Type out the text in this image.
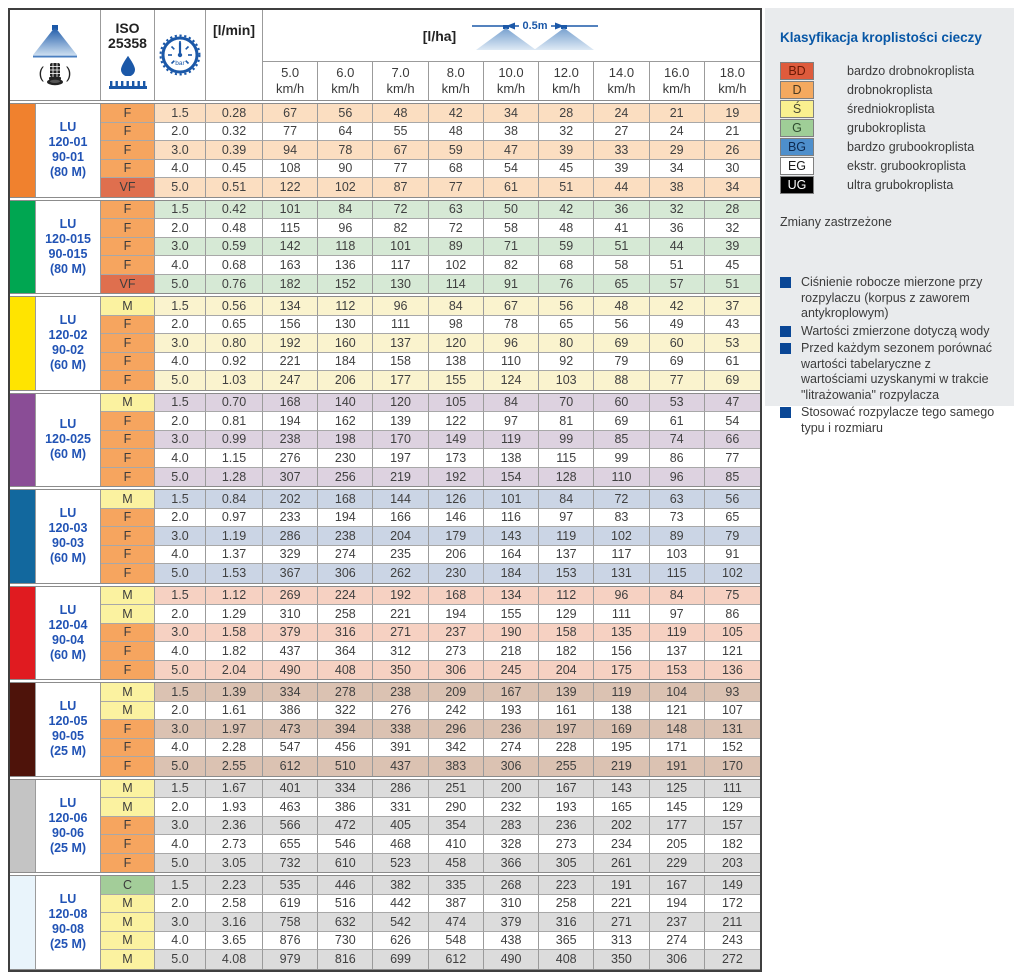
( )
ISO
25358
bar
[l/min]	[l/ha]
0.5m
5.0
km/h
6.0
km/h
7.0
km/h
8.0
km/h
10.0
km/h
12.0
km/h
14.0
km/h
16.0
km/h
18.0
km/h
LU
120-01
90-01
(80 M)
F	1.5	0.28	67	56	48	42	34	28	24	21	19
F	2.0	0.32	77	64	55	48	38	32	27	24	21
F	3.0	0.39	94	78	67	59	47	39	33	29	26
F	4.0	0.45	108	90	77	68	54	45	39	34	30
VF	5.0	0.51	122	102	87	77	61	51	44	38	34
LU
120-015
90-015
(80 M)
F	1.5	0.42	101	84	72	63	50	42	36	32	28
F	2.0	0.48	115	96	82	72	58	48	41	36	32
F	3.0	0.59	142	118	101	89	71	59	51	44	39
F	4.0	0.68	163	136	117	102	82	68	58	51	45
VF	5.0	0.76	182	152	130	114	91	76	65	57	51
LU
120-02
90-02
(60 M)
M	1.5	0.56	134	112	96	84	67	56	48	42	37
F	2.0	0.65	156	130	111	98	78	65	56	49	43
F	3.0	0.80	192	160	137	120	96	80	69	60	53
F	4.0	0.92	221	184	158	138	110	92	79	69	61
F	5.0	1.03	247	206	177	155	124	103	88	77	69
LU
120-025
(60 M)
M	1.5	0.70	168	140	120	105	84	70	60	53	47
F	2.0	0.81	194	162	139	122	97	81	69	61	54
F	3.0	0.99	238	198	170	149	119	99	85	74	66
F	4.0	1.15	276	230	197	173	138	115	99	86	77
F	5.0	1.28	307	256	219	192	154	128	110	96	85
LU
120-03
90-03
(60 M)
M	1.5	0.84	202	168	144	126	101	84	72	63	56
F	2.0	0.97	233	194	166	146	116	97	83	73	65
F	3.0	1.19	286	238	204	179	143	119	102	89	79
F	4.0	1.37	329	274	235	206	164	137	117	103	91
F	5.0	1.53	367	306	262	230	184	153	131	115	102
LU
120-04
90-04
(60 M)
M	1.5	1.12	269	224	192	168	134	112	96	84	75
M	2.0	1.29	310	258	221	194	155	129	111	97	86
F	3.0	1.58	379	316	271	237	190	158	135	119	105
F	4.0	1.82	437	364	312	273	218	182	156	137	121
F	5.0	2.04	490	408	350	306	245	204	175	153	136
LU
120-05
90-05
(25 M)
M	1.5	1.39	334	278	238	209	167	139	119	104	93
M	2.0	1.61	386	322	276	242	193	161	138	121	107
F	3.0	1.97	473	394	338	296	236	197	169	148	131
F	4.0	2.28	547	456	391	342	274	228	195	171	152
F	5.0	2.55	612	510	437	383	306	255	219	191	170
LU
120-06
90-06
(25 M)
M	1.5	1.67	401	334	286	251	200	167	143	125	111
M	2.0	1.93	463	386	331	290	232	193	165	145	129
F	3.0	2.36	566	472	405	354	283	236	202	177	157
F	4.0	2.73	655	546	468	410	328	273	234	205	182
F	5.0	3.05	732	610	523	458	366	305	261	229	203
LU
120-08
90-08
(25 M)
C	1.5	2.23	535	446	382	335	268	223	191	167	149
M	2.0	2.58	619	516	442	387	310	258	221	194	172
M	3.0	3.16	758	632	542	474	379	316	271	237	211
M	4.0	3.65	876	730	626	548	438	365	313	274	243
M	5.0	4.08	979	816	699	612	490	408	350	306	272
Klasyfikacja kroplistości cieczy
BD	bardzo drobnokroplista
D	drobnokroplista
Ś	średniokroplista
G	grubokroplista
BG	bardzo grubookroplista
EG	ekstr. grubookroplista
UG	ultra grubokroplista
Zmiany zastrzeżone
Ciśnienie robocze mierzone przy rozpylaczu (korpus z zaworem antykroplowym)
Wartości zmierzone dotyczą wody
Przed każdym sezonem porównać wartości tabelaryczne z wartościami uzyskanymi w trakcie "litrażowania" rozpylacza
Stosować rozpylacze tego samego typu i rozmiaru
